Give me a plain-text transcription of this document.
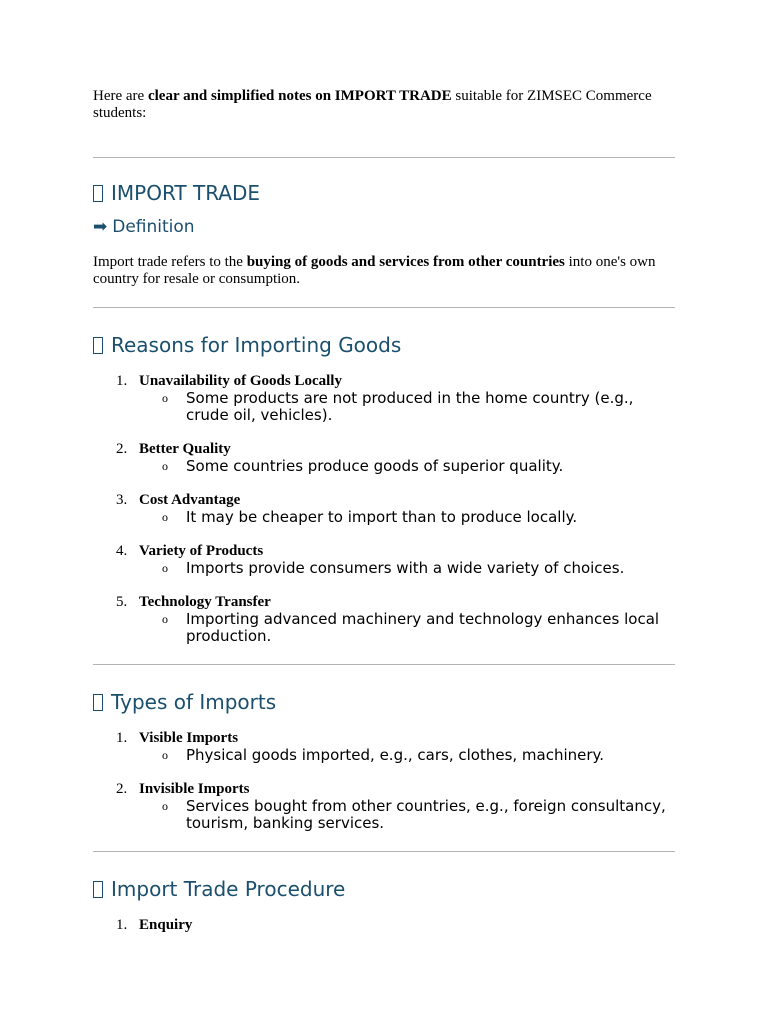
Here are clear and simplified notes on IMPORT TRADE suitable for ZIMSEC Commerce students:

IMPORT TRADE
➡ Definition

Import trade refers to the buying of goods and services from other countries into one's own country for resale or consumption.

Reasons for Importing Goods
1. Unavailability of Goods Locally
o Some products are not produced in the home country (e.g., crude oil, vehicles).
2. Better Quality
o Some countries produce goods of superior quality.
3. Cost Advantage
o It may be cheaper to import than to produce locally.
4. Variety of Products
o Imports provide consumers with a wide variety of choices.
5. Technology Transfer
o Importing advanced machinery and technology enhances local production.
Types of Imports
1. Visible Imports
o Physical goods imported, e.g., cars, clothes, machinery.
2. Invisible Imports
o Services bought from other countries, e.g., foreign consultancy, tourism, banking services.
Import Trade Procedure
1. Enquiry
